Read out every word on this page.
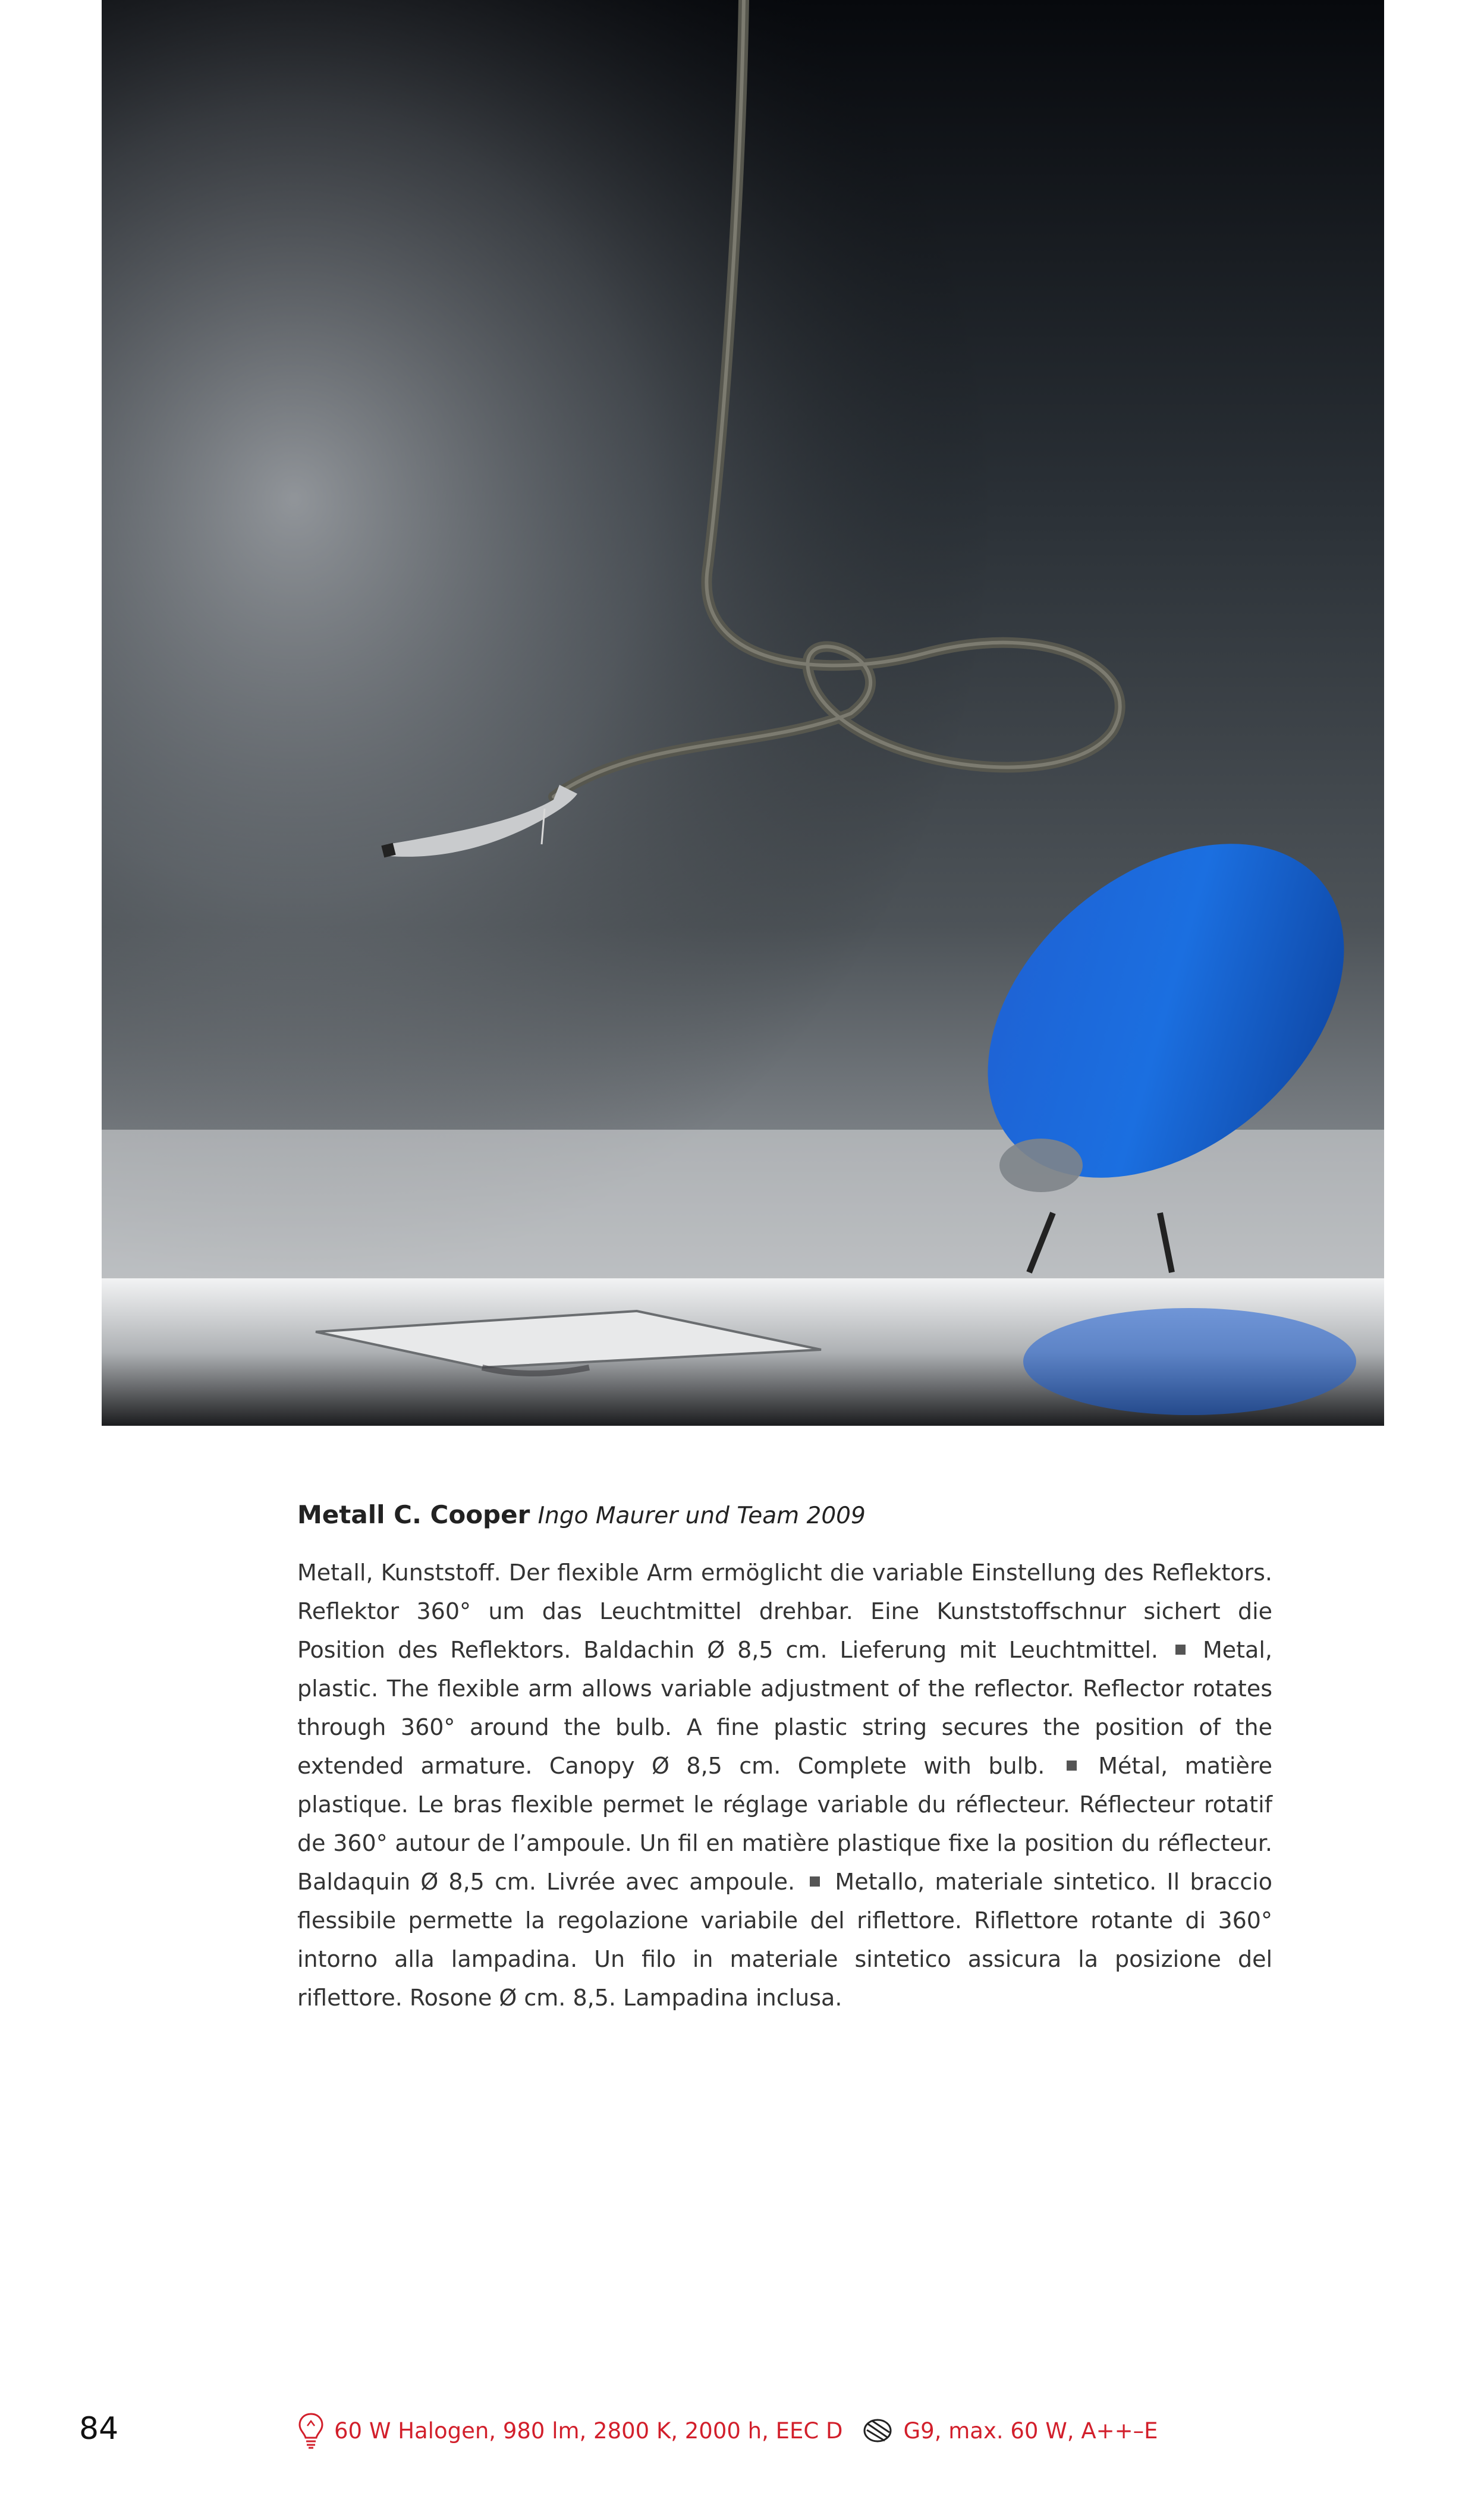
Metall C. Cooper Ingo Maurer und Team 2009
Metall, Kunststoff. Der flexible Arm ermöglicht die variable Einstellung des Reflektors. Reflektor 360° um das Leuchtmittel drehbar. Eine Kunststoffschnur sichert die Position des Reflektors. Baldachin Ø 8,5 cm. Lieferung mit Leuchtmittel. Metal, plastic. The flexible arm allows variable adjustment of the reflector. Reflector rotates through 360° around the bulb. A fine plastic string secures the position of the extended armature. Canopy Ø 8,5 cm. Complete with bulb. Métal, matière plastique. Le bras flexible permet le réglage variable du réflecteur. Réflecteur rotatif de 360° autour de l’ampoule. Un fil en matière plastique fixe la position du réflecteur. Baldaquin Ø 8,5 cm. Livrée avec ampoule. Metallo, materiale sintetico. Il braccio flessibile permette la regolazione variabile del riflettore. Riflettore rotante di 360° intorno alla lampadina. Un filo in materiale sintetico assicura la posizione del riflettore. Rosone Ø cm. 8,5. Lampadina inclusa.
84	60 W Halogen, 980 lm, 2800 K, 2000 h, EEC D	G9, max. 60 W, A++–E
